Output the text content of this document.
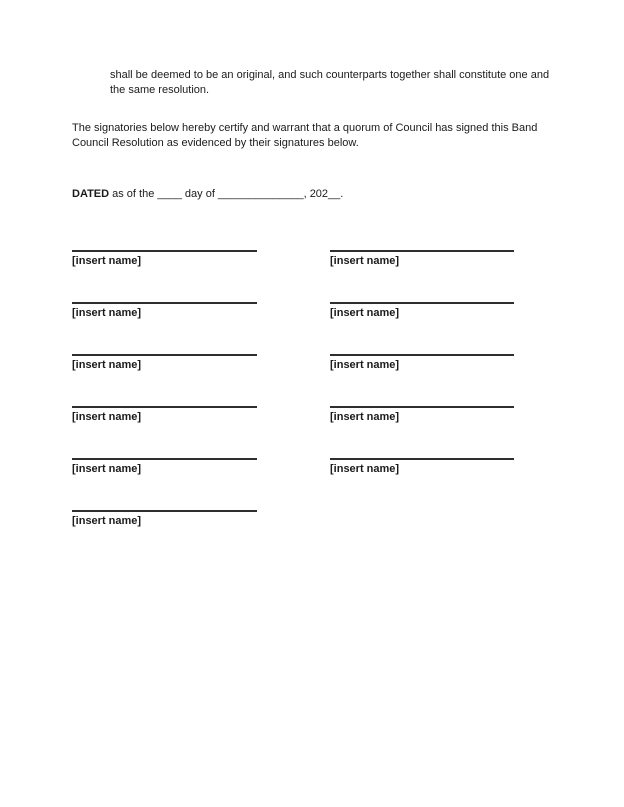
shall be deemed to be an original, and such counterparts together shall constitute one and the same resolution.

The signatories below hereby certify and warrant that a quorum of Council has signed this Band Council Resolution as evidenced by their signatures below.

DATED as of the ____ day of ______________, 202__.

[insert name]
[insert name]
[insert name]
[insert name]
[insert name]
[insert name]
[insert name]
[insert name]
[insert name]
[insert name]
[insert name]
